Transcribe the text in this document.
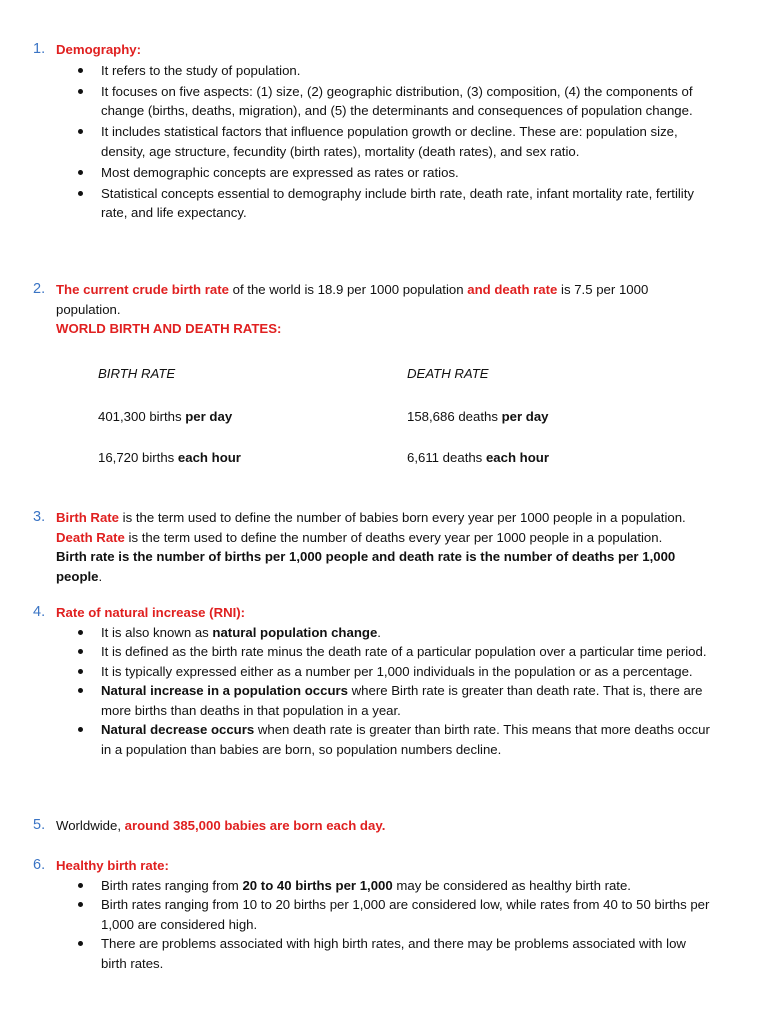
1. Demography:
It refers to the study of population.
It focuses on five aspects: (1) size, (2) geographic distribution, (3) composition, (4) the components of change (births, deaths, migration), and (5) the determinants and consequences of population change.
It includes statistical factors that influence population growth or decline. These are: population size, density, age structure, fecundity (birth rates), mortality (death rates), and sex ratio.
Most demographic concepts are expressed as rates or ratios.
Statistical concepts essential to demography include birth rate, death rate, infant mortality rate, fertility rate, and life expectancy.
2. The current crude birth rate of the world is 18.9 per 1000 population and death rate is 7.5 per 1000 population.
WORLD BIRTH AND DEATH RATES:
BIRTH RATE	DEATH RATE
401,300 births per day	158,686 deaths per day
16,720 births each hour	6,611 deaths each hour
3. Birth Rate is the term used to define the number of babies born every year per 1000 people in a population. Death Rate is the term used to define the number of deaths every year per 1000 people in a population. Birth rate is the number of births per 1,000 people and death rate is the number of deaths per 1,000 people.
4. Rate of natural increase (RNI):
It is also known as natural population change.
It is defined as the birth rate minus the death rate of a particular population over a particular time period.
It is typically expressed either as a number per 1,000 individuals in the population or as a percentage.
Natural increase in a population occurs where Birth rate is greater than death rate. That is, there are more births than deaths in that population in a year.
Natural decrease occurs when death rate is greater than birth rate. This means that more deaths occur in a population than babies are born, so population numbers decline.
5. Worldwide, around 385,000 babies are born each day.
6. Healthy birth rate:
Birth rates ranging from 20 to 40 births per 1,000 may be considered as healthy birth rate.
Birth rates ranging from 10 to 20 births per 1,000 are considered low, while rates from 40 to 50 births per 1,000 are considered high.
There are problems associated with high birth rates, and there may be problems associated with low birth rates.
